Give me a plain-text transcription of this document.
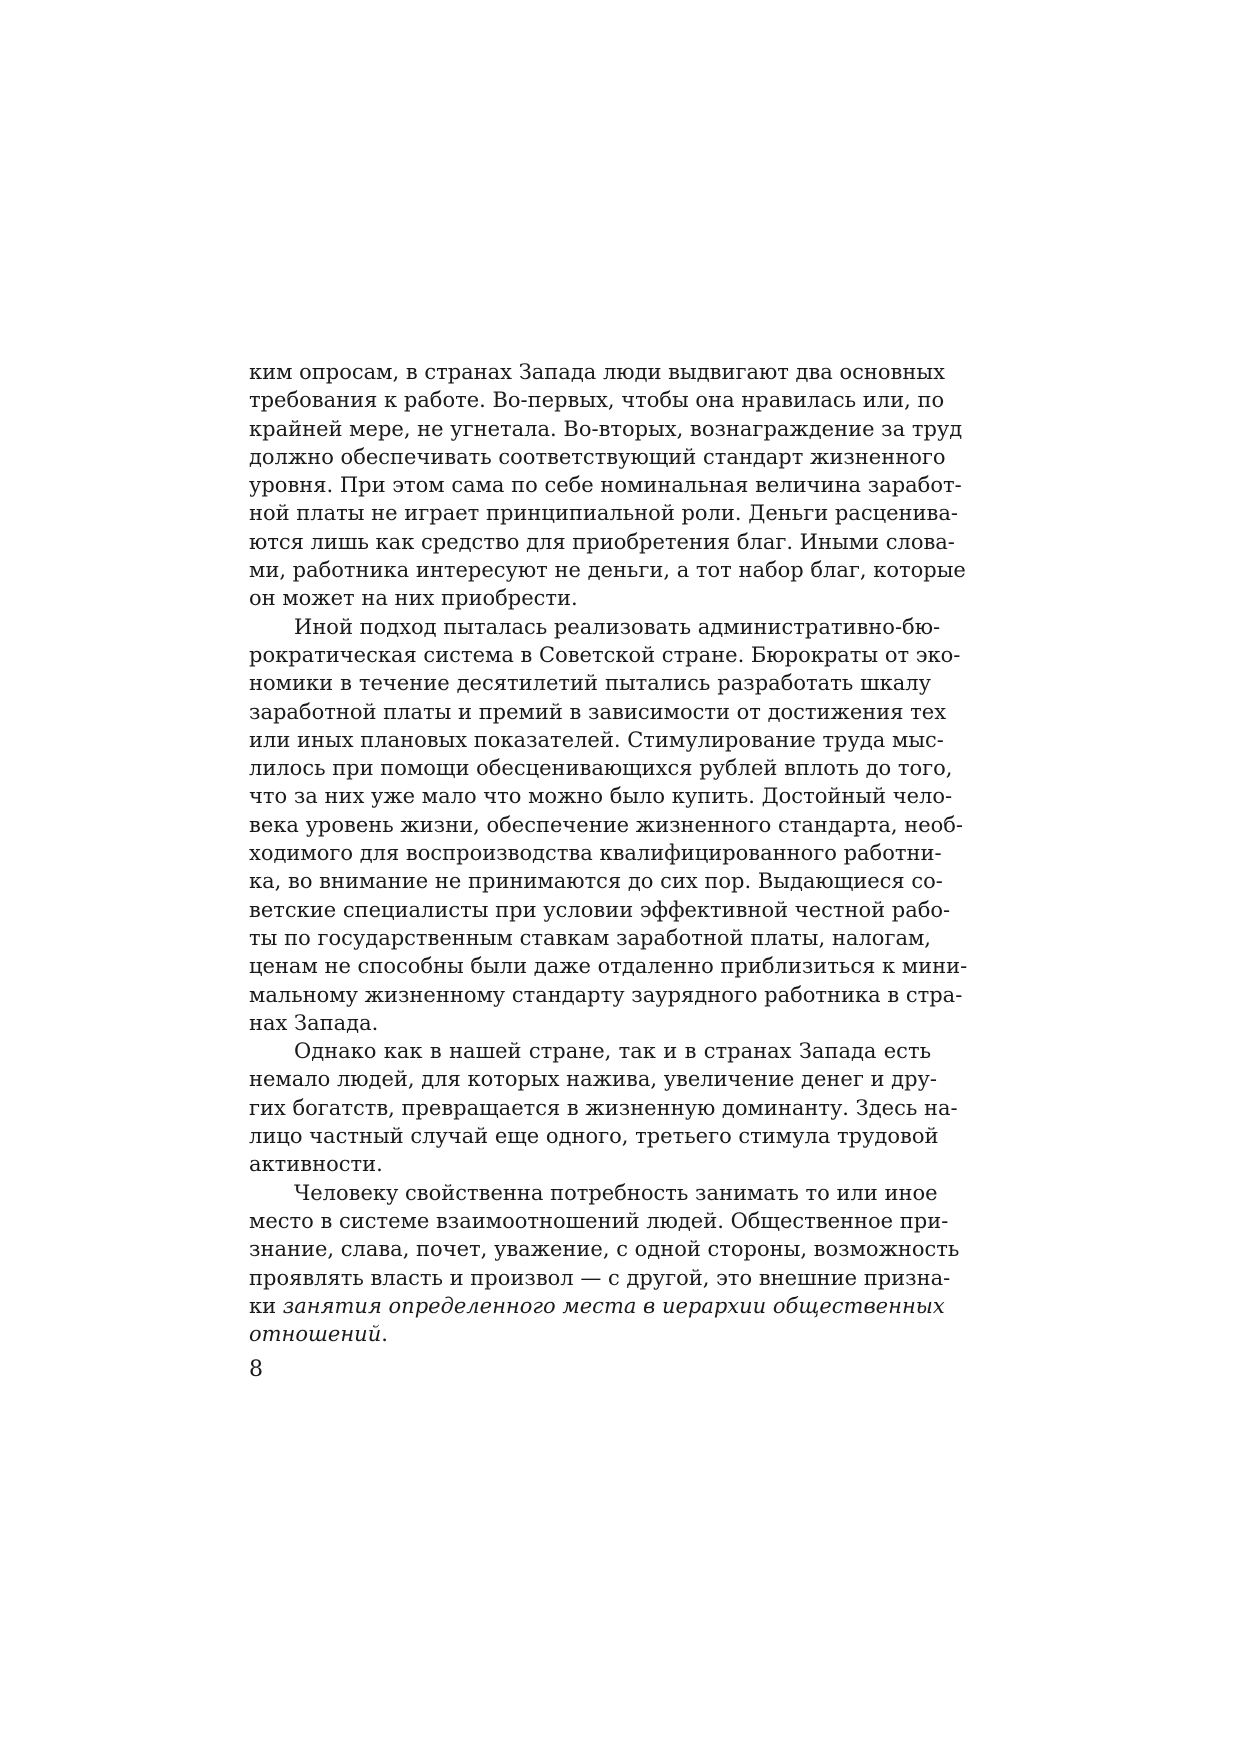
ким опросам, в странах Запада люди выдвигают два основных
требования к работе. Во-первых, чтобы она нравилась или, по
крайней мере, не угнетала. Во-вторых, вознаграждение за труд
должно обеспечивать соответствующий стандарт жизненного
уровня. При этом сама по себе номинальная величина заработ-
ной платы не играет принципиальной роли. Деньги расценива-
ются лишь как средство для приобретения благ. Иными слова-
ми, работника интересуют не деньги, а тот набор благ, которые
он может на них приобрести.
Иной подход пыталась реализовать административно-бю-
рократическая система в Советской стране. Бюрократы от эко-
номики в течение десятилетий пытались разработать шкалу
заработной платы и премий в зависимости от достижения тех
или иных плановых показателей. Стимулирование труда мыс-
лилось при помощи обесценивающихся рублей вплоть до того,
что за них уже мало что можно было купить. Достойный чело-
века уровень жизни, обеспечение жизненного стандарта, необ-
ходимого для воспроизводства квалифицированного работни-
ка, во внимание не принимаются до сих пор. Выдающиеся со-
ветские специалисты при условии эффективной честной рабо-
ты по государственным ставкам заработной платы, налогам,
ценам не способны были даже отдаленно приблизиться к мини-
мальному жизненному стандарту заурядного работника в стра-
нах Запада.
Однако как в нашей стране, так и в странах Запада есть
немало людей, для которых нажива, увеличение денег и дру-
гих богатств, превращается в жизненную доминанту. Здесь на-
лицо частный случай еще одного, третьего стимула трудовой
активности.
Человеку свойственна потребность занимать то или иное
место в системе взаимоотношений людей. Общественное при-
знание, слава, почет, уважение, с одной стороны, возможность
проявлять власть и произвол — с другой, это внешние призна-
ки занятия определенного места в иерархии общественных
отношений.
8
